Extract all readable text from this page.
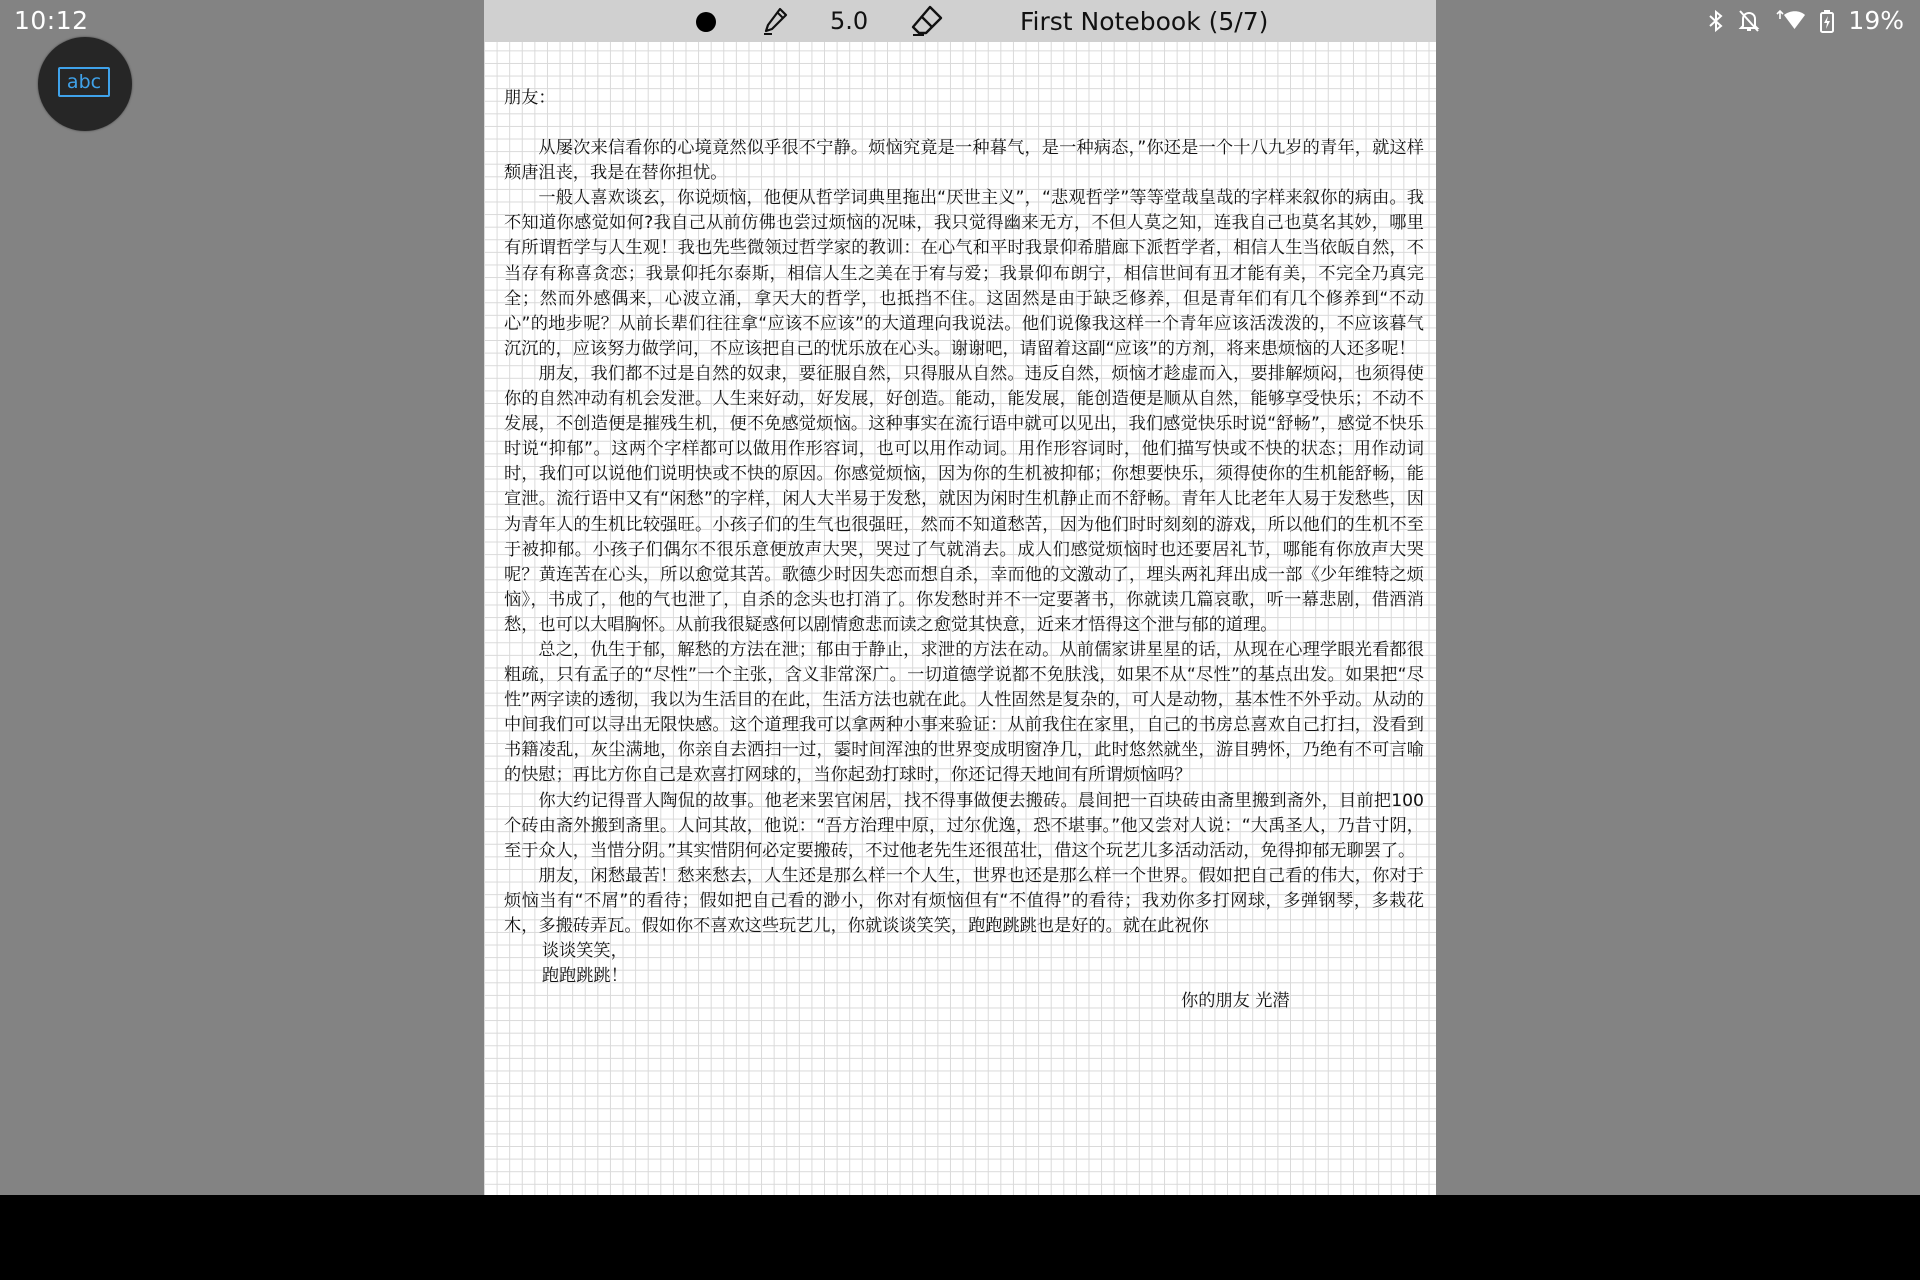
朋友：

从屡次来信看你的心境竟然似乎很不宁静。烦恼究竟是一种暮气，是一种病态，”你还是一个十八九岁的青年，就这样颓唐沮丧，我是在替你担忧。

一般人喜欢谈玄，你说烦恼，他便从哲学词典里拖出“厌世主义”，“悲观哲学”等等堂哉皇哉的字样来叙你的病由。我不知道你感觉如何?我自己从前仿佛也尝过烦恼的况味，我只觉得幽来无方，不但人莫之知，连我自己也莫名其妙，哪里有所谓哲学与人生观！我也先些微领过哲学家的教训：在心气和平时我景仰希腊廊下派哲学者，相信人生当依皈自然，不当存有称喜贪恋；我景仰托尔泰斯，相信人生之美在于宥与爱；我景仰布朗宁，相信世间有丑才能有美，不完全乃真完全；然而外感偶来，心波立涌，拿天大的哲学，也抵挡不住。这固然是由于缺乏修养，但是青年们有几个修养到“不动心”的地步呢？从前长辈们往往拿“应该不应该”的大道理向我说法。他们说像我这样一个青年应该活泼泼的，不应该暮气沉沉的，应该努力做学问，不应该把自己的忧乐放在心头。谢谢吧，请留着这副“应该”的方剂，将来患烦恼的人还多呢！

朋友，我们都不过是自然的奴隶，要征服自然，只得服从自然。违反自然，烦恼才趁虚而入，要排解烦闷，也须得使你的自然冲动有机会发泄。人生来好动，好发展，好创造。能动，能发展，能创造便是顺从自然，能够享受快乐；不动不发展，不创造便是摧残生机，便不免感觉烦恼。这种事实在流行语中就可以见出，我们感觉快乐时说“舒畅”，感觉不快乐时说“抑郁”。这两个字样都可以做用作形容词，也可以用作动词。用作形容词时，他们描写快或不快的状态；用作动词时，我们可以说他们说明快或不快的原因。你感觉烦恼，因为你的生机被抑郁；你想要快乐，须得使你的生机能舒畅，能宣泄。流行语中又有“闲愁”的字样，闲人大半易于发愁，就因为闲时生机静止而不舒畅。青年人比老年人易于发愁些，因为青年人的生机比较强旺。小孩子们的生气也很强旺，然而不知道愁苦，因为他们时时刻刻的游戏，所以他们的生机不至于被抑郁。小孩子们偶尔不很乐意便放声大哭，哭过了气就消去。成人们感觉烦恼时也还要居礼节，哪能有你放声大哭呢？黄连苦在心头，所以愈觉其苦。歌德少时因失恋而想自杀，幸而他的文激动了，埋头两礼拜出成一部《少年维特之烦恼》，书成了，他的气也泄了，自杀的念头也打消了。你发愁时并不一定要著书，你就读几篇哀歌，听一幕悲剧，借酒消愁，也可以大唱胸怀。从前我很疑惑何以剧情愈悲而读之愈觉其快意，近来才悟得这个泄与郁的道理。

总之，仇生于郁，解愁的方法在泄；郁由于静止，求泄的方法在动。从前儒家讲星星的话，从现在心理学眼光看都很粗疏，只有孟子的“尽性”一个主张，含义非常深广。一切道德学说都不免肤浅，如果不从“尽性”的基点出发。如果把“尽性”两字读的透彻，我以为生活目的在此，生活方法也就在此。人性固然是复杂的，可人是动物，基本性不外乎动。从动的中间我们可以寻出无限快感。这个道理我可以拿两种小事来验证：从前我住在家里，自己的书房总喜欢自己打扫，没看到书籍凌乱，灰尘满地，你亲自去洒扫一过，霎时间浑浊的世界变成明窗净几，此时悠然就坐，游目骋怀，乃绝有不可言喻的快慰；再比方你自己是欢喜打网球的，当你起劲打球时，你还记得天地间有所谓烦恼吗？

你大约记得晋人陶侃的故事。他老来罢官闲居，找不得事做便去搬砖。晨间把一百块砖由斋里搬到斋外，目前把100个砖由斋外搬到斋里。人问其故，他说：“吾方治理中原，过尔优逸，恐不堪事。”他又尝对人说：“大禹圣人，乃昔寸阴，至于众人，当惜分阴。”其实惜阴何必定要搬砖，不过他老先生还很茁壮，借这个玩艺儿多活动活动，免得抑郁无聊罢了。

朋友，闲愁最苦！愁来愁去，人生还是那么样一个人生，世界也还是那么样一个世界。假如把自己看的伟大，你对于烦恼当有“不屑”的看待；假如把自己看的渺小，你对有烦恼但有“不值得”的看待；我劝你多打网球，多弹钢琴，多栽花木，多搬砖弄瓦。假如你不喜欢这些玩艺儿，你就谈谈笑笑，跑跑跳跳也是好的。就在此祝你

谈谈笑笑，

跑跑跳跳！

你的朋友 光潜

5.0	First Notebook (5/7)
10:12	19%
abc
